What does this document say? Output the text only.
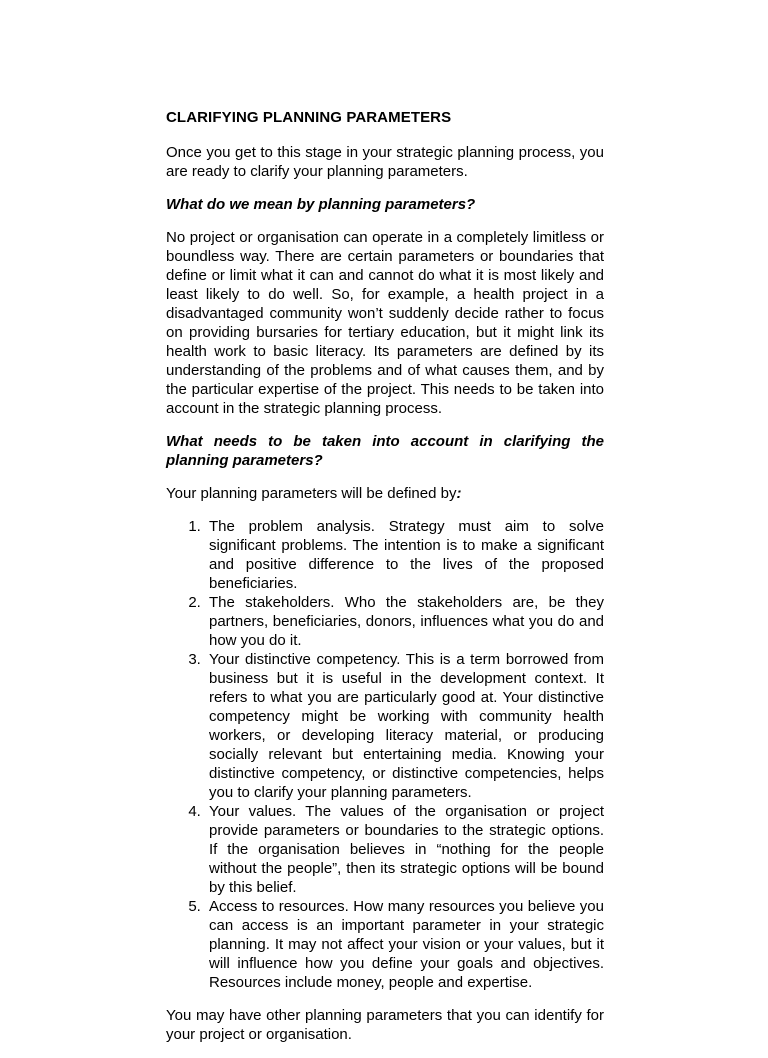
CLARIFYING PLANNING PARAMETERS

Once you get to this stage in your strategic planning process, you are ready to clarify your planning parameters.

What do we mean by planning parameters?

No project or organisation can operate in a completely limitless or boundless way. There are certain parameters or boundaries that define or limit what it can and cannot do what it is most likely and least likely to do well. So, for example, a health project in a disadvantaged community won’t suddenly decide rather to focus on providing bursaries for tertiary education, but it might link its health work to basic literacy. Its parameters are defined by its understanding of the problems and of what causes them, and by the particular expertise of the project. This needs to be taken into account in the strategic planning process.

What needs to be taken into account in clarifying the planning parameters?

Your planning parameters will be defined by:

1. The problem analysis. Strategy must aim to solve significant problems. The intention is to make a significant and positive difference to the lives of the proposed beneficiaries.
2. The stakeholders. Who the stakeholders are, be they partners, beneficiaries, donors, influences what you do and how you do it.
3. Your distinctive competency. This is a term borrowed from business but it is useful in the development context. It refers to what you are particularly good at. Your distinctive competency might be working with community health workers, or developing literacy material, or producing socially relevant but entertaining media. Knowing your distinctive competency, or distinctive competencies, helps you to clarify your planning parameters.
4. Your values. The values of the organisation or project provide parameters or boundaries to the strategic options. If the organisation believes in “nothing for the people without the people”, then its strategic options will be bound by this belief.
5. Access to resources. How many resources you believe you can access is an important parameter in your strategic planning. It may not affect your vision or your values, but it will influence how you define your goals and objectives. Resources include money, people and expertise.

You may have other planning parameters that you can identify for your project or organisation.
